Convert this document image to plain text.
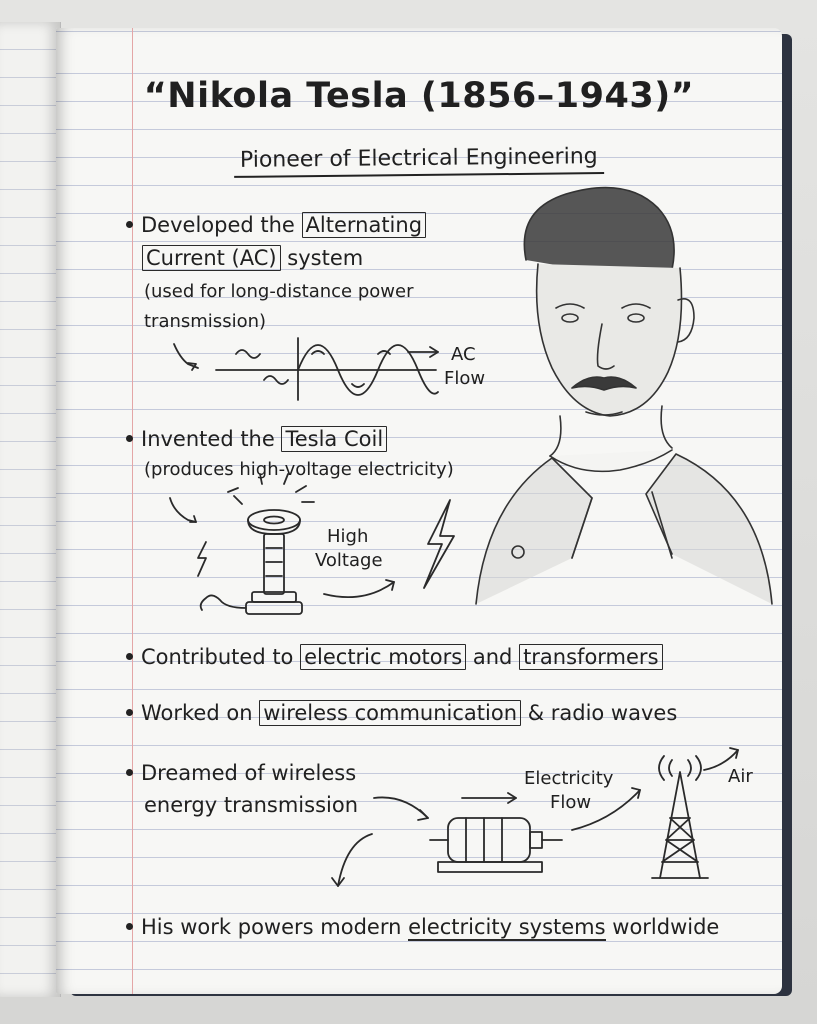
“Nikola Tesla (1856–1943)”
Pioneer of Electrical Engineering
Developed the Alternating
Current (AC) system
(used for long-distance power
transmission)
AC
Flow
Invented the Tesla Coil
(produces high-voltage electricity)
High
Voltage
Contributed to electric motors and transformers
Worked on wireless communication & radio waves
Dreamed of wireless
energy transmission
Electricity
Flow
Air
His work powers modern electricity systems worldwide
